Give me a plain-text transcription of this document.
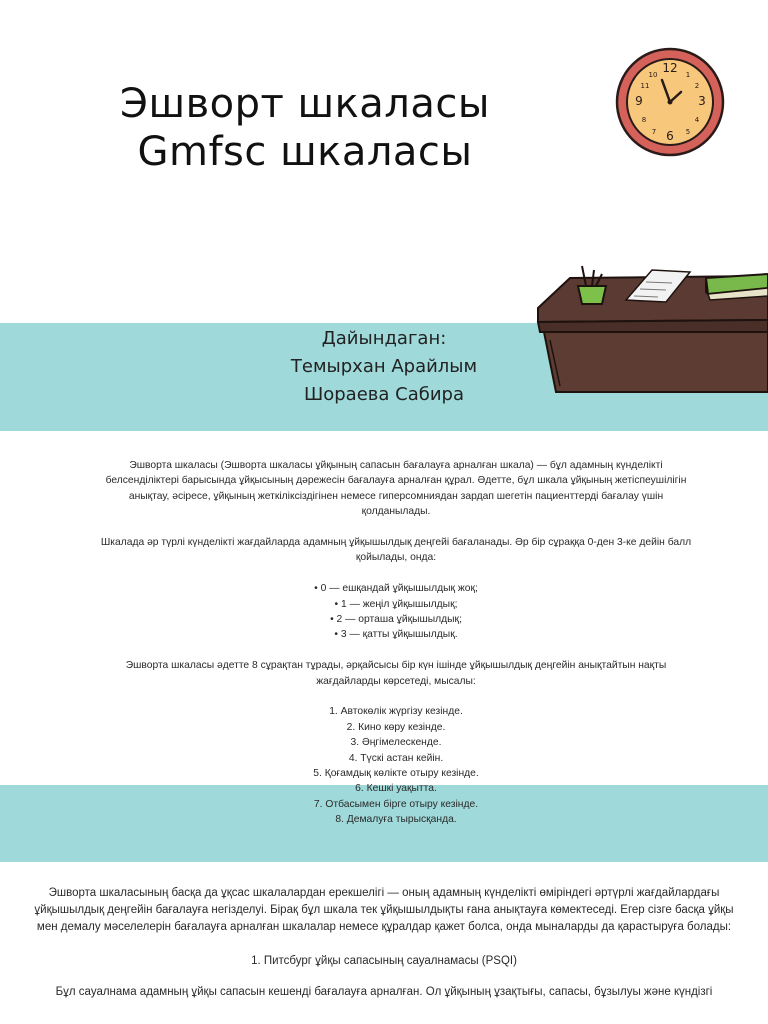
Эшворт шкаласы
Gmfsc шкаласы
12
3
6
9
10
11
1
2
4
5
7
8
Дайындаган:
Темырхан Арайлым
Шораева Сабира

Эшворта шкаласы (Эшворта шкаласы ұйқының сапасын бағалауға арналған шкала) — бұл адамның күнделікті белсенділіктері барысында ұйқысының дәрежесін бағалауға арналған құрал. Әдетте, бұл шкала ұйқының жетіспеушілігін анықтау, әсіресе, ұйқының жеткіліксіздігінен немесе гиперсомниядан зардап шегетін пациенттерді бағалау үшін қолданылады.

Шкалада әр түрлі күнделікті жағдайларда адамның ұйқышылдық деңгейі бағаланады. Әр бір сұраққа 0-ден 3-ке дейін балл қойылады, онда:

• 0 — ешқандай ұйқышылдық жоқ;
• 1 — жеңіл ұйқышылдық;
• 2 — орташа ұйқышылдық;
• 3 — қатты ұйқышылдық.

Эшворта шкаласы әдетте 8 сұрақтан тұрады, әрқайсысы бір күн ішінде ұйқышылдық деңгейін анықтайтын нақты жағдайларды көрсетеді, мысалы:

1. Автокөлік жүргізу кезінде.
2. Кино көру кезінде.
3. Әңгімелескенде.
4. Түскі астан кейін.
5. Қоғамдық көлікте отыру кезінде.
6. Кешкі уақытта.
7. Отбасымен бірге отыру кезінде.
8. Демалуға тырысқанда.

Эшворта шкаласының басқа да ұқсас шкалалардан ерекшелігі — оның адамның күнделікті өміріндегі әртүрлі жағдайлардағы ұйқышылдық деңгейін бағалауға негізделуі. Бірақ бұл шкала тек ұйқышылдықты ғана анықтауға көмектеседі. Егер сізге басқа ұйқы мен демалу мәселелерін бағалауға арналған шкалалар немесе құралдар қажет болса, онда мыналарды да қарастыруға болады:

1. Питсбург ұйқы сапасының сауалнамасы (PSQI)

Бұл сауалнама адамның ұйқы сапасын кешенді бағалауға арналған. Ол ұйқының ұзақтығы, сапасы, бұзылуы және күндізгі
